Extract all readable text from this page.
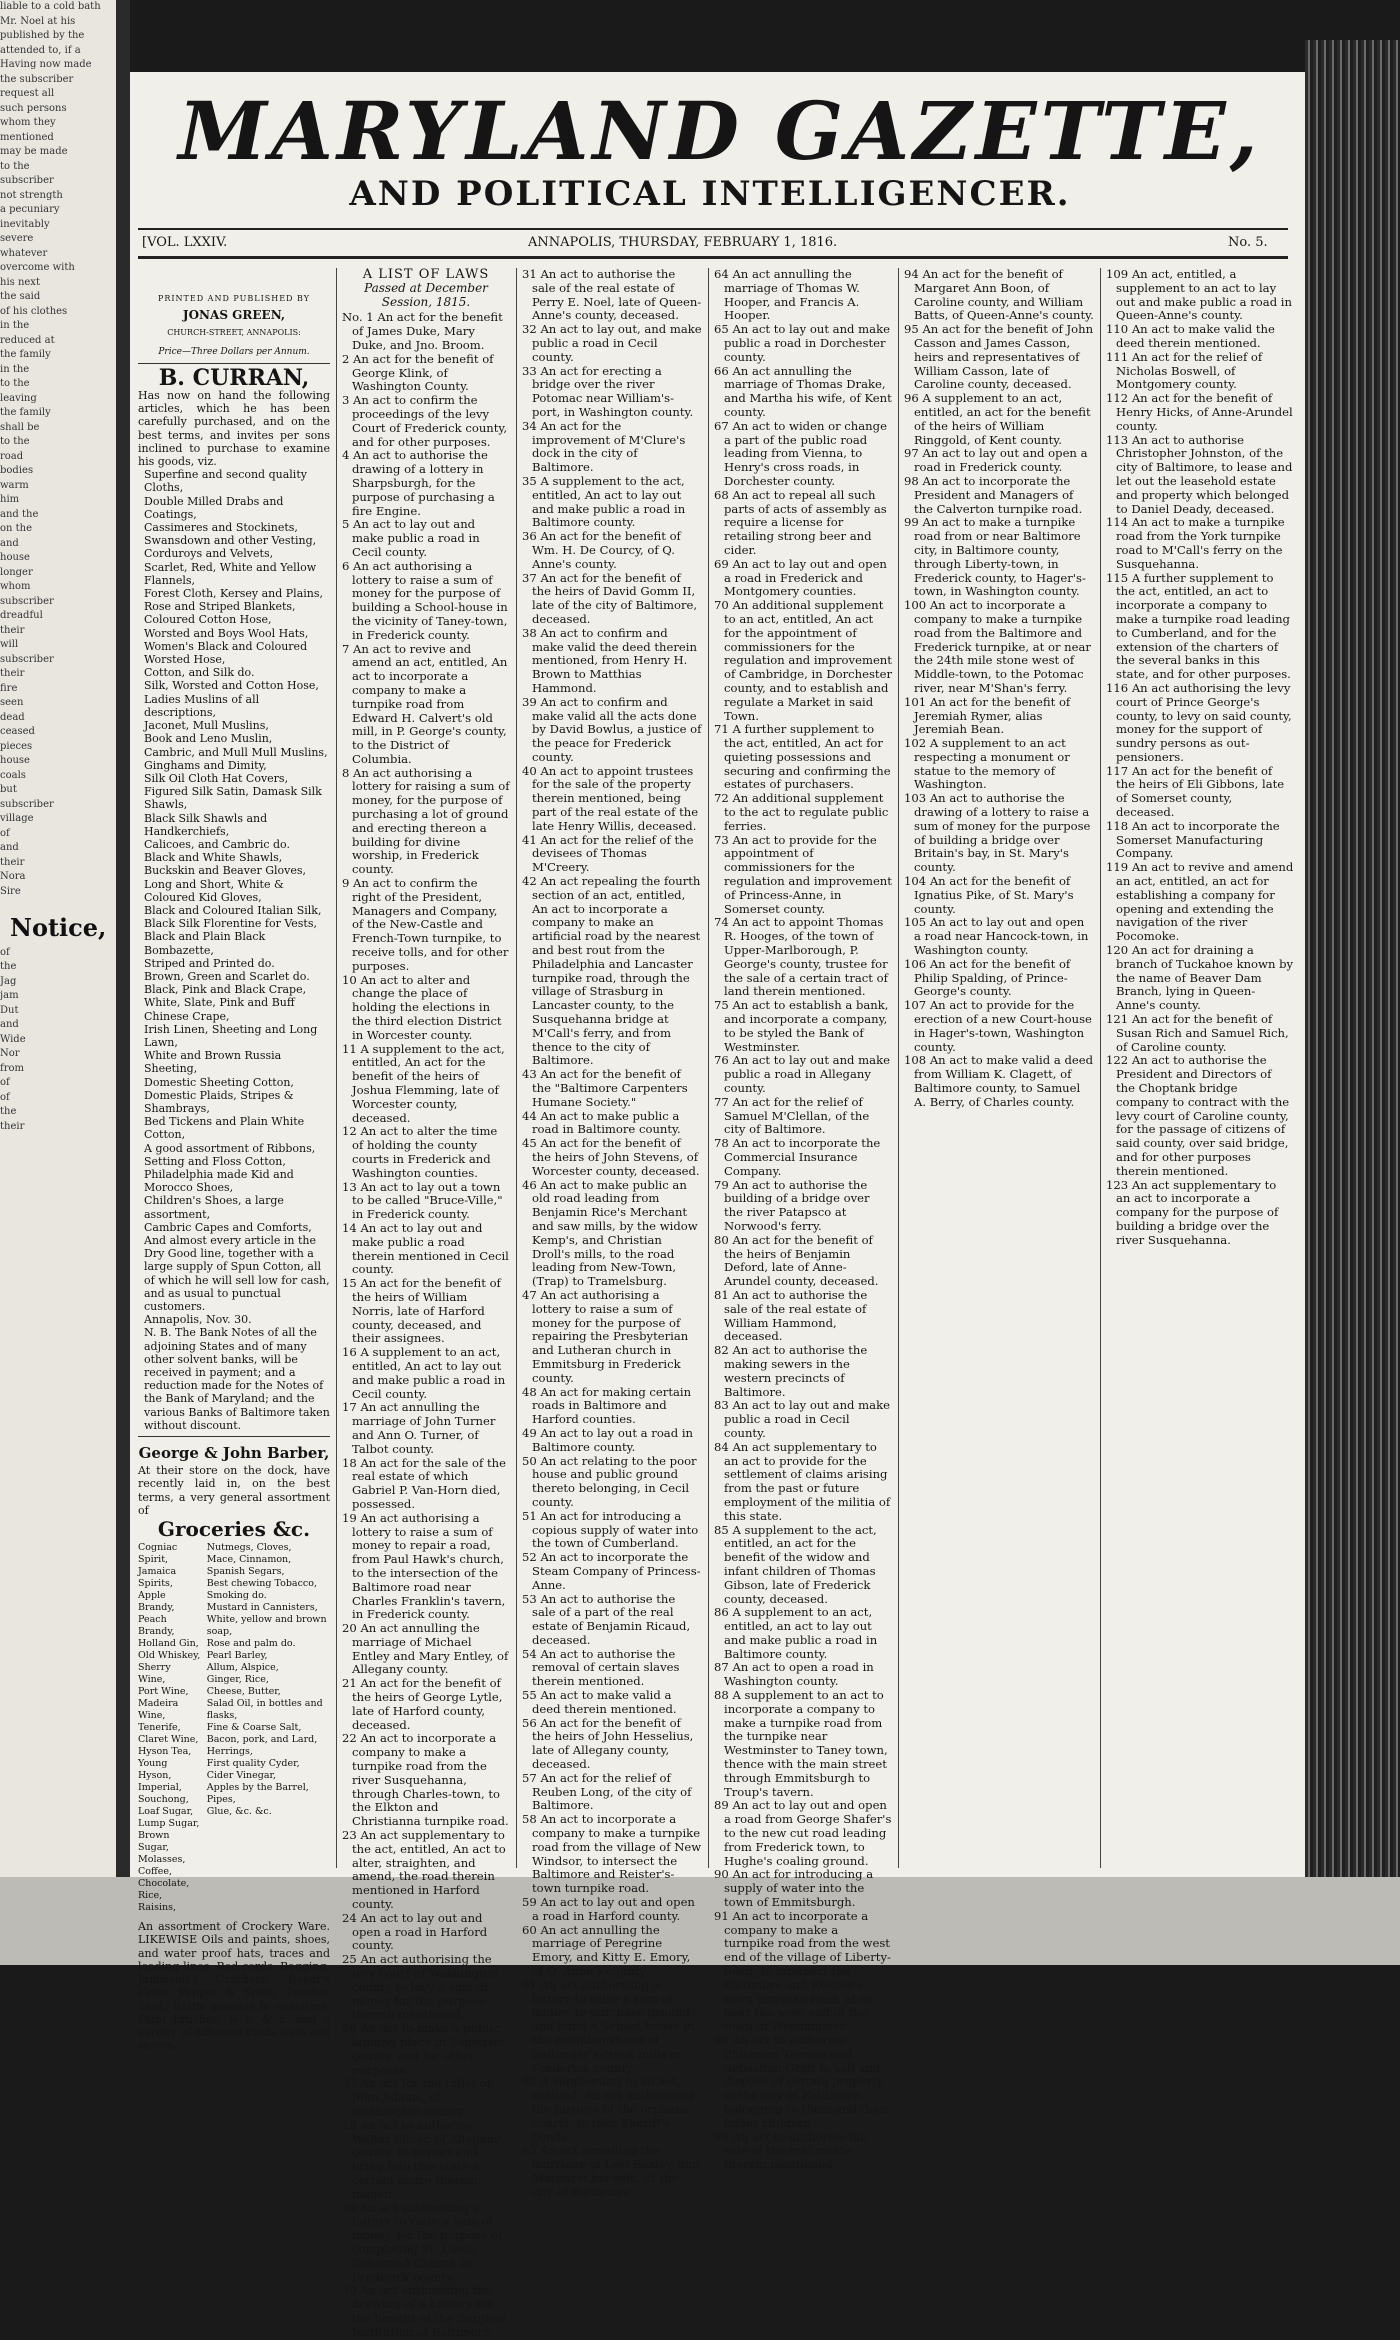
liable to a cold bath

Mr. Noel at his

published by the

attended to, if a

Having now made

the subscriber

request all

such persons

whom they

mentioned

may be made

to the

subscriber

not strength

a pecuniary

inevitably

severe

whatever

overcome with

his next

the said

of his clothes

in the

reduced at

the family

in the

to the

leaving

the family

shall be

to the

road

bodies

warm

him

and the

on the

and

house

longer

whom

subscriber

dreadful

their

will

subscriber

their

fire

seen

dead

ceased

pieces

house

coals

but

subscriber

village

of

and

their

Nora

Sire

Notice,

of

the

Jag

jam

Dut

and

Wide

Nor

from

of

of

the

their

MARYLAND GAZETTE,
AND POLITICAL INTELLIGENCER.
[VOL. LXXIV.	ANNAPOLIS, THURSDAY, FEBRUARY 1, 1816.	No. 5.
PRINTED AND PUBLISHED BY
JONAS GREEN,
CHURCH-STREET, ANNAPOLIS:
Price—Three Dollars per Annum.
B. CURRAN,

Has now on hand the following articles, which he has been carefully purchased, and on the best terms, and invites per sons inclined to purchase to examine his goods, viz.

Superfine and second quality Cloths,

Double Milled Drabs and Coatings,

Cassimeres and Stockinets,

Swansdown and other Vesting,

Corduroys and Velvets,

Scarlet, Red, White and Yellow Flannels,

Forest Cloth, Kersey and Plains,

Rose and Striped Blankets,

Coloured Cotton Hose,

Worsted and Boys Wool Hats,

Women's Black and Coloured Worsted Hose,

Cotton, and Silk do.

Silk, Worsted and Cotton Hose,

Ladies Muslins of all descriptions,

Jaconet, Mull Muslins,

Book and Leno Muslin,

Cambric, and Mull Mull Muslins,

Ginghams and Dimity,

Silk Oil Cloth Hat Covers,

Figured Silk Satin, Damask Silk Shawls,

Black Silk Shawls and Handkerchiefs,

Calicoes, and Cambric do.

Black and White Shawls,

Buckskin and Beaver Gloves,

Long and Short, White & Coloured Kid Gloves,

Black and Coloured Italian Silk,

Black Silk Florentine for Vests,

Black and Plain Black Bombazette,

Striped and Printed do.

Brown, Green and Scarlet do.

Black, Pink and Black Crape,

White, Slate, Pink and Buff Chinese Crape,

Irish Linen, Sheeting and Long Lawn,

White and Brown Russia Sheeting,

Domestic Sheeting Cotton,

Domestic Plaids, Stripes & Shambrays,

Bed Tickens and Plain White Cotton,

A good assortment of Ribbons,

Setting and Floss Cotton,

Philadelphia made Kid and Morocco Shoes,

Children's Shoes, a large assortment,

Cambric Capes and Comforts,

And almost every article in the Dry Good line, together with a large supply of Spun Cotton, all of which he will sell low for cash, and as usual to punctual customers.

Annapolis, Nov. 30.

N. B. The Bank Notes of all the adjoining States and of many other solvent banks, will be received in payment; and a reduction made for the Notes of the Bank of Maryland; and the various Banks of Baltimore taken without discount.

George & John Barber,

At their store on the dock, have recently laid in, on the best terms, a very general assortment of

Groceries &c.

Cogniac Spirit,

Jamaica Spirits,

Apple Brandy,

Peach Brandy,

Holland Gin,

Old Whiskey,

Sherry Wine,

Port Wine,

Madeira Wine,

Tenerife,

Claret Wine,

Hyson Tea,

Young Hyson,

Imperial,

Souchong,

Loaf Sugar,

Lump Sugar,

Brown Sugar,

Molasses,

Coffee,

Chocolate,

Rice,

Raisins,

Nutmegs, Cloves,

Mace, Cinnamon,

Spanish Segars,

Best chewing Tobacco,

Smoking do.

Mustard in Cannisters,

White, yellow and brown soap,

Rose and palm do.

Pearl Barley,

Allum, Alspice,

Ginger, Rice,

Cheese, Butter,

Salad Oil, in bottles and flasks,

Fine & Coarse Salt,

Bacon, pork, and Lard,

Herrings,

First quality Cyder,

Cider Vinegar,

Apples by the Barrel,

Pipes,

Glue, &c. &c.

An assortment of Crockery Ware. LIKEWISE Oils and paints, shoes, and water proof hats, traces and leading lines, Bed cords, Bagging, Jamieson's Crackers, Baker's Flour, Pepper & Spice, Powder, Shot, Battle powder in canisters, Paint brushes, & c. & c. and a variety of different kinds, cats and stoves.

A LIST OF LAWS

Passed at December Session, 1815.

No. 1 An act for the benefit of James Duke, Mary Duke, and Jno. Broom.

2 An act for the benefit of George Klink, of Washington County.

3 An act to confirm the proceedings of the levy Court of Frederick county, and for other purposes.

4 An act to authorise the drawing of a lottery in Sharpsburgh, for the purpose of purchasing a fire Engine.

5 An act to lay out and make public a road in Cecil county.

6 An act authorising a lottery to raise a sum of money for the purpose of building a School-house in the vicinity of Taney-town, in Frederick county.

7 An act to revive and amend an act, entitled, An act to incorporate a company to make a turnpike road from Edward H. Calvert's old mill, in P. George's county, to the District of Columbia.

8 An act authorising a lottery for raising a sum of money, for the purpose of purchasing a lot of ground and erecting thereon a building for divine worship, in Frederick county.

9 An act to confirm the right of the President, Managers and Company, of the New-Castle and French-Town turnpike, to receive tolls, and for other purposes.

10 An act to alter and change the place of holding the elections in the third election District in Worcester county.

11 A supplement to the act, entitled, An act for the benefit of the heirs of Joshua Flemming, late of Worcester county, deceased.

12 An act to alter the time of holding the county courts in Frederick and Washington counties.

13 An act to lay out a town to be called "Bruce-Ville," in Frederick county.

14 An act to lay out and make public a road therein mentioned in Cecil county.

15 An act for the benefit of the heirs of William Norris, late of Harford county, deceased, and their assignees.

16 A supplement to an act, entitled, An act to lay out and make public a road in Cecil county.

17 An act annulling the marriage of John Turner and Ann O. Turner, of Talbot county.

18 An act for the sale of the real estate of which Gabriel P. Van-Horn died, possessed.

19 An act authorising a lottery to raise a sum of money to repair a road, from Paul Hawk's church, to the intersection of the Baltimore road near Charles Franklin's tavern, in Frederick county.

20 An act annulling the marriage of Michael Entley and Mary Entley, of Allegany county.

21 An act for the benefit of the heirs of George Lytle, late of Harford county, deceased.

22 An act to incorporate a company to make a turnpike road from the river Susquehanna, through Charles-town, to the Elkton and Christianna turnpike road.

23 An act supplementary to the act, entitled, An act to alter, straighten, and amend, the road therein mentioned in Harford county.

24 An act to lay out and open a road in Harford county.

25 An act authorising the levy court of Washington county to levy a sum of money for the purpose therein mentioned.

26 An act to make a public landing place in Somerset county, and for other purposes.

27 An act for the relief of John Adams, of Washington county.

28 An act to authorise Walter Silcer, of Allegany county, to import and bring into this state a certain negro therein named.

29 An act authorising a lottery to raise a sum of money, for the purpose of completing St. Lucas Reformed Church in Frederick county.

30 An act authorising the drawing of a Lottery for the benefit of the Surgical Institution of Baltimore.

31 An act to authorise the sale of the real estate of Perry E. Noel, late of Queen-Anne's county, deceased.

32 An act to lay out, and make public a road in Cecil county.

33 An act for erecting a bridge over the river Potomac near William's-port, in Washington county.

34 An act for the improvement of M'Clure's dock in the city of Baltimore.

35 A supplement to the act, entitled, An act to lay out and make public a road in Baltimore county.

36 An act for the benefit of Wm. H. De Courcy, of Q. Anne's county.

37 An act for the benefit of the heirs of David Gomm II, late of the city of Baltimore, deceased.

38 An act to confirm and make valid the deed therein mentioned, from Henry H. Brown to Matthias Hammond.

39 An act to confirm and make valid all the acts done by David Bowlus, a justice of the peace for Frederick county.

40 An act to appoint trustees for the sale of the property therein mentioned, being part of the real estate of the late Henry Willis, deceased.

41 An act for the relief of the devisees of Thomas M'Creery.

42 An act repealing the fourth section of an act, entitled, An act to incorporate a company to make an artificial road by the nearest and best rout from the Philadelphia and Lancaster turnpike road, through the village of Strasburg in Lancaster county, to the Susquehanna bridge at M'Call's ferry, and from thence to the city of Baltimore.

43 An act for the benefit of the "Baltimore Carpenters Humane Society."

44 An act to make public a road in Baltimore county.

45 An act for the benefit of the heirs of John Stevens, of Worcester county, deceased.

46 An act to make public an old road leading from Benjamin Rice's Merchant and saw mills, by the widow Kemp's, and Christian Droll's mills, to the road leading from New-Town, (Trap) to Tramelsburg.

47 An act authorising a lottery to raise a sum of money for the purpose of repairing the Presbyterian and Lutheran church in Emmitsburg in Frederick county.

48 An act for making certain roads in Baltimore and Harford counties.

49 An act to lay out a road in Baltimore county.

50 An act relating to the poor house and public ground thereto belonging, in Cecil county.

51 An act for introducing a copious supply of water into the town of Cumberland.

52 An act to incorporate the Steam Company of Princess-Anne.

53 An act to authorise the sale of a part of the real estate of Benjamin Ricaud, deceased.

54 An act to authorise the removal of certain slaves therein mentioned.

55 An act to make valid a deed therein mentioned.

56 An act for the benefit of the heirs of John Hesselius, late of Allegany county, deceased.

57 An act for the relief of Reuben Long, of the city of Baltimore.

58 An act to incorporate a company to make a turnpike road from the village of New Windsor, to intersect the Baltimore and Reister's-town turnpike road.

59 An act to lay out and open a road in Harford county.

60 An act annulling the marriage of Peregrine Emory, and Kitty E. Emory, of Q. Anne's county.

61 An act authorising a lottery to raise a sum of money to purchase ground and build a School-house in the neighbourhood of Ballenger's creek mills in Frederick county.

62 A supplement to an act, entitled, An act authorising the justices of the orphans courts, to take Sheriff's bonds.

63 An act annulling the marriage of Levi Baxley, and Margaret his wife, of the city of Baltimore.

64 An act annulling the marriage of Thomas W. Hooper, and Francis A. Hooper.

65 An act to lay out and make public a road in Dorchester county.

66 An act annulling the marriage of Thomas Drake, and Martha his wife, of Kent county.

67 An act to widen or change a part of the public road leading from Vienna, to Henry's cross roads, in Dorchester county.

68 An act to repeal all such parts of acts of assembly as require a license for retailing strong beer and cider.

69 An act to lay out and open a road in Frederick and Montgomery counties.

70 An additional supplement to an act, entitled, An act for the appointment of commissioners for the regulation and improvement of Cambridge, in Dorchester county, and to establish and regulate a Market in said Town.

71 A further supplement to the act, entitled, An act for quieting possessions and securing and confirming the estates of purchasers.

72 An additional supplement to the act to regulate public ferries.

73 An act to provide for the appointment of commissioners for the regulation and improvement of Princess-Anne, in Somerset county.

74 An act to appoint Thomas R. Hooges, of the town of Upper-Marlborough, P. George's county, trustee for the sale of a certain tract of land therein mentioned.

75 An act to establish a bank, and incorporate a company, to be styled the Bank of Westminster.

76 An act to lay out and make public a road in Allegany county.

77 An act for the relief of Samuel M'Clellan, of the city of Baltimore.

78 An act to incorporate the Commercial Insurance Company.

79 An act to authorise the building of a bridge over the river Patapsco at Norwood's ferry.

80 An act for the benefit of the heirs of Benjamin Deford, late of Anne-Arundel county, deceased.

81 An act to authorise the sale of the real estate of William Hammond, deceased.

82 An act to authorise the making sewers in the western precincts of Baltimore.

83 An act to lay out and make public a road in Cecil county.

84 An act supplementary to an act to provide for the settlement of claims arising from the past or future employment of the militia of this state.

85 A supplement to the act, entitled, an act for the benefit of the widow and infant children of Thomas Gibson, late of Frederick county, deceased.

86 A supplement to an act, entitled, an act to lay out and make public a road in Baltimore county.

87 An act to open a road in Washington county.

88 A supplement to an act to incorporate a company to make a turnpike road from the turnpike near Westminster to Taney town, thence with the main street through Emmitsburgh to Troup's tavern.

89 An act to lay out and open a road from George Shafer's to the new cut road leading from Frederick town, to Hughe's coaling ground.

90 An act for introducing a supply of water into the town of Emmitsburgh.

91 An act to incorporate a company to make a turnpike road from the west end of the village of Liberty-town, to intersect the Baltimore and Reister's-town turnpike road, at or near the west end of the town of Westminster.

92 An act to authorise Philemon Towson and Sebastian Graff to sell and dispose of certain property in the city of Baltimore, belonging to them and their infant children.

93 An act to authorise the sale of the real estate therein mentioned.

94 An act for the benefit of Margaret Ann Boon, of Caroline county, and William Batts, of Queen-Anne's county.

95 An act for the benefit of John Casson and James Casson, heirs and representatives of William Casson, late of Caroline county, deceased.

96 A supplement to an act, entitled, an act for the benefit of the heirs of William Ringgold, of Kent county.

97 An act to lay out and open a road in Frederick county.

98 An act to incorporate the President and Managers of the Calverton turnpike road.

99 An act to make a turnpike road from or near Baltimore city, in Baltimore county, through Liberty-town, in Frederick county, to Hager's-town, in Washington county.

100 An act to incorporate a company to make a turnpike road from the Baltimore and Frederick turnpike, at or near the 24th mile stone west of Middle-town, to the Potomac river, near M'Shan's ferry.

101 An act for the benefit of Jeremiah Rymer, alias Jeremiah Bean.

102 A supplement to an act respecting a monument or statue to the memory of Washington.

103 An act to authorise the drawing of a lottery to raise a sum of money for the purpose of building a bridge over Britain's bay, in St. Mary's county.

104 An act for the benefit of Ignatius Pike, of St. Mary's county.

105 An act to lay out and open a road near Hancock-town, in Washington county.

106 An act for the benefit of Philip Spalding, of Prince-George's county.

107 An act to provide for the erection of a new Court-house in Hager's-town, Washington county.

108 An act to make valid a deed from William K. Clagett, of Baltimore county, to Samuel A. Berry, of Charles county.

109 An act, entitled, a supplement to an act to lay out and make public a road in Queen-Anne's county.

110 An act to make valid the deed therein mentioned.

111 An act for the relief of Nicholas Boswell, of Montgomery county.

112 An act for the benefit of Henry Hicks, of Anne-Arundel county.

113 An act to authorise Christopher Johnston, of the city of Baltimore, to lease and let out the leasehold estate and property which belonged to Daniel Deady, deceased.

114 An act to make a turnpike road from the York turnpike road to M'Call's ferry on the Susquehanna.

115 A further supplement to the act, entitled, an act to incorporate a company to make a turnpike road leading to Cumberland, and for the extension of the charters of the several banks in this state, and for other purposes.

116 An act authorising the levy court of Prince George's county, to levy on said county, money for the support of sundry persons as out-pensioners.

117 An act for the benefit of the heirs of Eli Gibbons, late of Somerset county, deceased.

118 An act to incorporate the Somerset Manufacturing Company.

119 An act to revive and amend an act, entitled, an act for establishing a company for opening and extending the navigation of the river Pocomoke.

120 An act for draining a branch of Tuckahoe known by the name of Beaver Dam Branch, lying in Queen-Anne's county.

121 An act for the benefit of Susan Rich and Samuel Rich, of Caroline county.

122 An act to authorise the President and Directors of the Choptank bridge company to contract with the levy court of Caroline county, for the passage of citizens of said county, over said bridge, and for other purposes therein mentioned.

123 An act supplementary to an act to incorporate a company for the purpose of building a bridge over the river Susquehanna.
